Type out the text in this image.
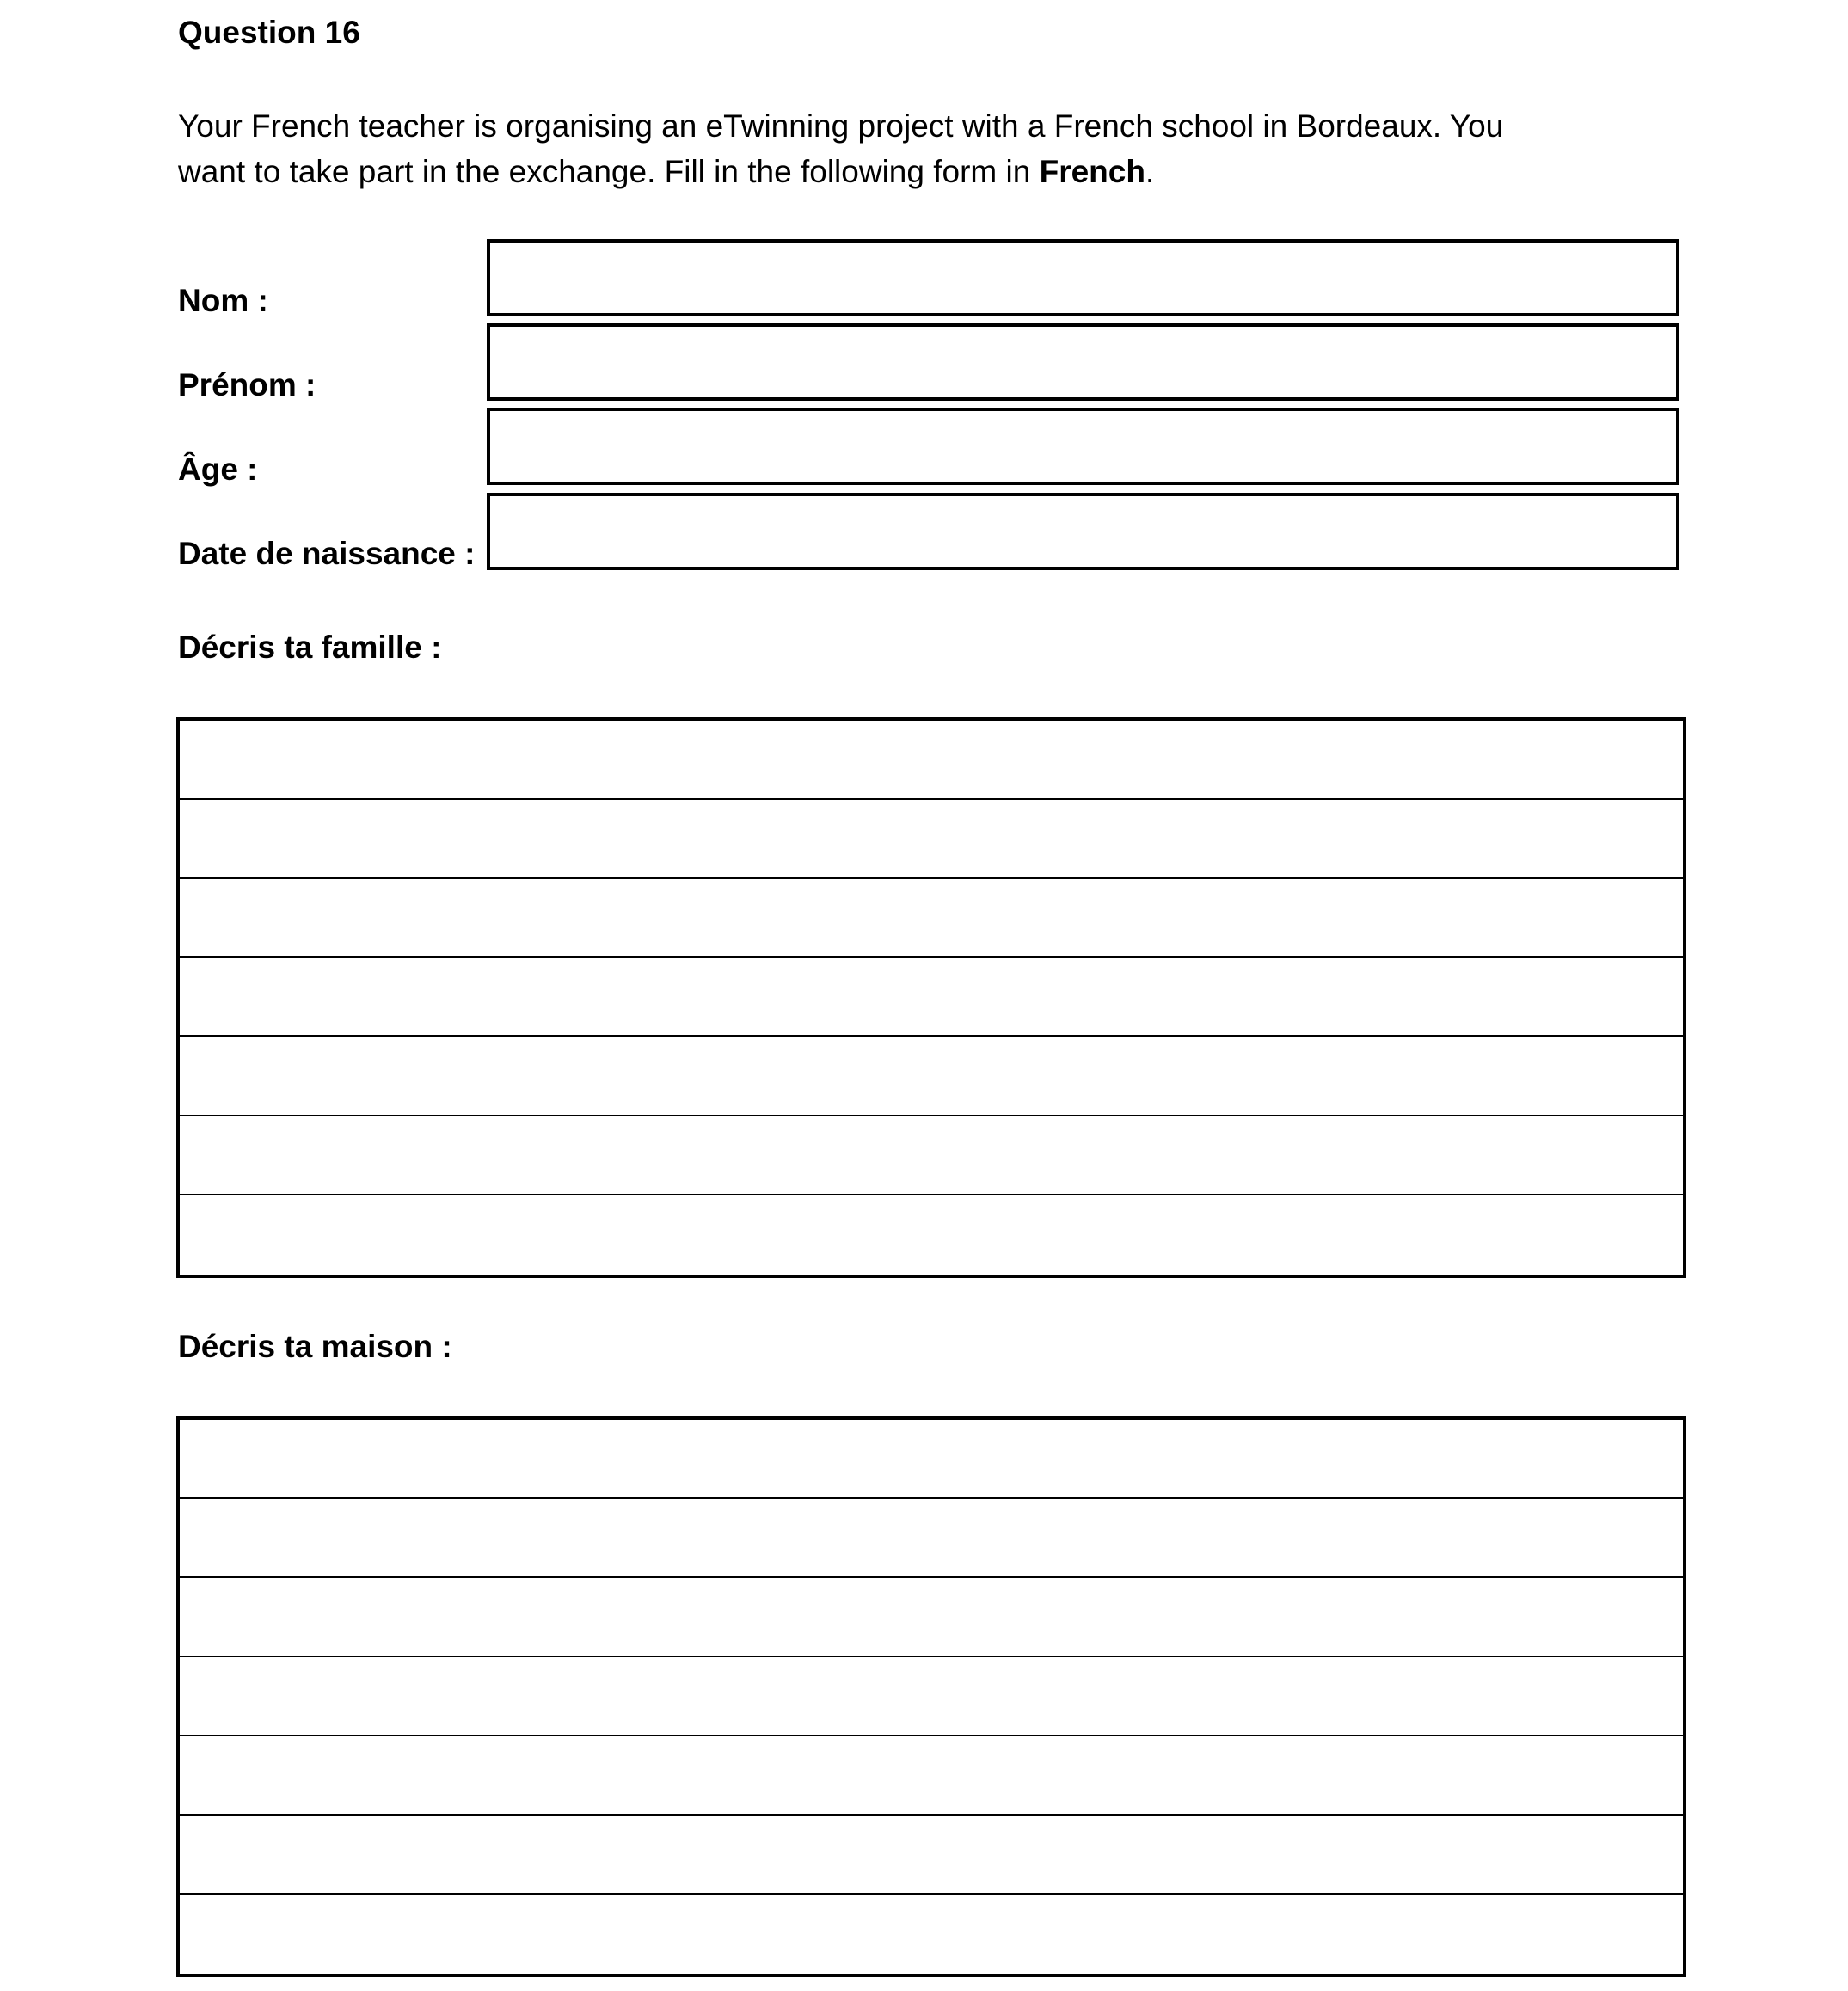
Question 16

Your French teacher is organising an eTwinning project with a French school in Bordeaux. You
want to take part in the exchange. Fill in the following form in French.

Nom :
Prénom :
Âge :
Date de naissance :
Décris ta famille :
Décris ta maison :
